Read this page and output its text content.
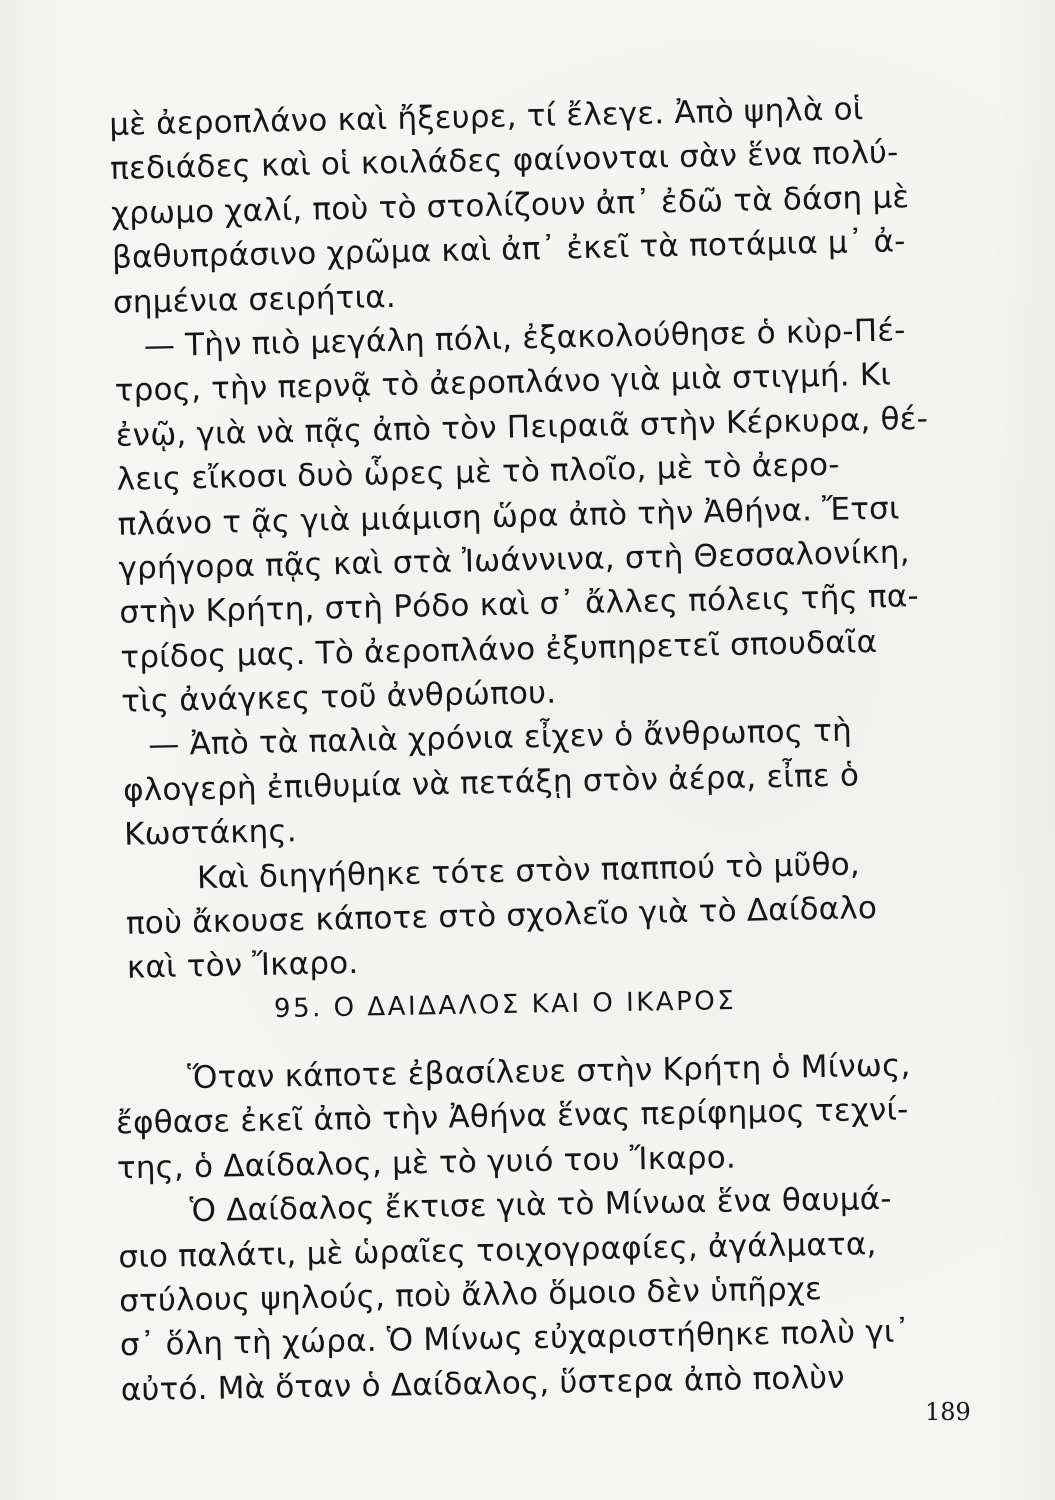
μὲ ἀεροπλάνο καὶ ἤξευρε, τί ἔλεγε. Ἀπὸ ψηλὰ οἱ
πεδιάδες καὶ οἱ κοιλάδες φαίνονται σὰν ἕνα πολύ-
χρωμο χαλί, ποὺ τὸ στολίζουν ἀπ᾿ ἐδῶ τὰ δάση μὲ
βαθυπράσινο χρῶμα καὶ ἀπ᾿ ἐκεῖ τὰ ποτάμια μ᾿ ἀ-
σημένια σειρήτια.
— Τὴν πιὸ μεγάλη πόλι, ἐξακολούθησε ὁ κὺρ-Πέ-
τρος, τὴν περνᾷ τὸ ἀεροπλάνο γιὰ μιὰ στιγμή. Κι
ἐνῷ, γιὰ νὰ πᾷς ἀπὸ τὸν Πειραιᾶ στὴν Κέρκυρα, θέ-
λεις εἴκοσι δυὸ ὧρες μὲ τὸ πλοῖο, μὲ τὸ ἀερο-
πλάνο τ ᾷς γιὰ μιάμιση ὥρα ἀπὸ τὴν Ἀθήνα. Ἔτσι
γρήγορα πᾷς καὶ στὰ Ἰωάννινα, στὴ Θεσσαλονίκη,
στὴν Κρήτη, στὴ Ρόδο καὶ σ᾿ ἄλλες πόλεις τῆς πα-
τρίδος μας. Τὸ ἀεροπλάνο ἐξυπηρετεῖ σπουδαῖα
τὶς ἀνάγκες τοῦ ἀνθρώπου.
— Ἀπὸ τὰ παλιὰ χρόνια εἶχεν ὁ ἄνθρωπος τὴ
φλογερὴ ἐπιθυμία νὰ πετάξῃ στὸν ἀέρα, εἶπε ὁ
Κωστάκης.
Καὶ διηγήθηκε τότε στὸν παππού τὸ μῦθο,
ποὺ ἄκουσε κάποτε στὸ σχολεῖο γιὰ τὸ Δαίδαλο
καὶ τὸν Ἴκαρο.
95. Ο ΔΑΙΔΑΛΟΣ ΚΑΙ Ο ΙΚΑΡΟΣ
Ὅταν κάποτε ἐβασίλευε στὴν Κρήτη ὁ Μίνως,
ἔφθασε ἐκεῖ ἀπὸ τὴν Ἀθήνα ἕνας περίφημος τεχνί-
της, ὁ Δαίδαλος, μὲ τὸ γυιό του Ἴκαρο.
Ὁ Δαίδαλος ἔκτισε γιὰ τὸ Μίνωα ἕνα θαυμά-
σιο παλάτι, μὲ ὡραῖες τοιχογραφίες, ἀγάλματα,
στύλους ψηλούς, ποὺ ἄλλο ὅμοιο δὲν ὑπῆρχε
σ᾿ ὅλη τὴ χώρα. Ὁ Μίνως εὐχαριστήθηκε πολὺ γι᾿
αὐτό. Μὰ ὅταν ὁ Δαίδαλος, ὕστερα ἀπὸ πολὺν
189
